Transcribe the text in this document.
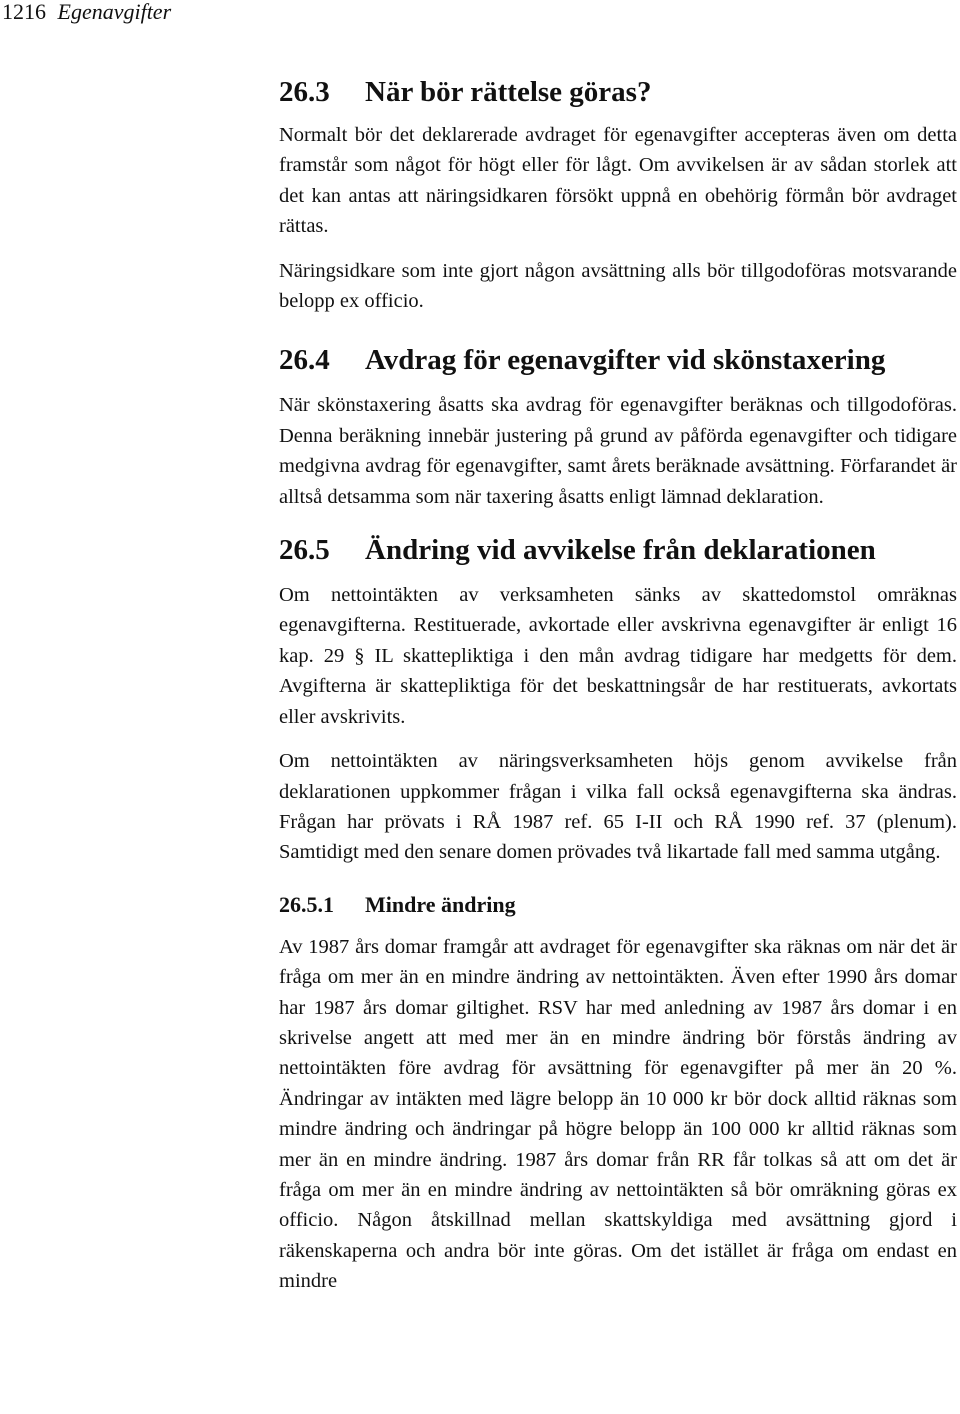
1216 Egenavgifter
26.3 När bör rättelse göras?

Normalt bör det deklarerade avdraget för egenavgifter accepteras även om detta framstår som något för högt eller för lågt. Om avvikelsen är av sådan storlek att det kan antas att näringsidkaren försökt uppnå en obehörig förmån bör avdraget rättas.

Näringsidkare som inte gjort någon avsättning alls bör tillgodoföras motsvarande belopp ex officio.

26.4 Avdrag för egenavgifter vid skönstaxering

När skönstaxering åsatts ska avdrag för egenavgifter beräknas och tillgodoföras. Denna beräkning innebär justering på grund av påförda egenavgifter och tidigare medgivna avdrag för egenavgifter, samt årets beräknade avsättning. Förfarandet är alltså detsamma som när taxering åsatts enligt lämnad deklaration.

26.5 Ändring vid avvikelse från deklarationen

Om nettointäkten av verksamheten sänks av skattedomstol omräknas egenavgifterna. Restituerade, avkortade eller avskrivna egenavgifter är enligt 16 kap. 29 § IL skattepliktiga i den mån avdrag tidigare har medgetts för dem. Avgifterna är skattepliktiga för det beskattningsår de har restituerats, avkortats eller avskrivits.

Om nettointäkten av näringsverksamheten höjs genom avvikelse från deklarationen uppkommer frågan i vilka fall också egenavgifterna ska ändras. Frågan har prövats i RÅ 1987 ref. 65 I-II och RÅ 1990 ref. 37 (plenum). Samtidigt med den senare domen prövades två likartade fall med samma utgång.

26.5.1 Mindre ändring

Av 1987 års domar framgår att avdraget för egenavgifter ska räknas om när det är fråga om mer än en mindre ändring av nettointäkten. Även efter 1990 års domar har 1987 års domar giltighet. RSV har med anledning av 1987 års domar i en skrivelse angett att med mer än en mindre ändring bör förstås ändring av nettointäkten före avdrag för avsättning för egenavgifter på mer än 20 %. Ändringar av intäkten med lägre belopp än 10 000 kr bör dock alltid räknas som mindre ändring och ändringar på högre belopp än 100 000 kr alltid räknas som mer än en mindre ändring. 1987 års domar från RR får tolkas så att om det är fråga om mer än en mindre ändring av nettointäkten så bör omräkning göras ex officio. Någon åtskillnad mellan skattskyldiga med avsättning gjord i räkenskaperna och andra bör inte göras. Om det istället är fråga om endast en mindre
